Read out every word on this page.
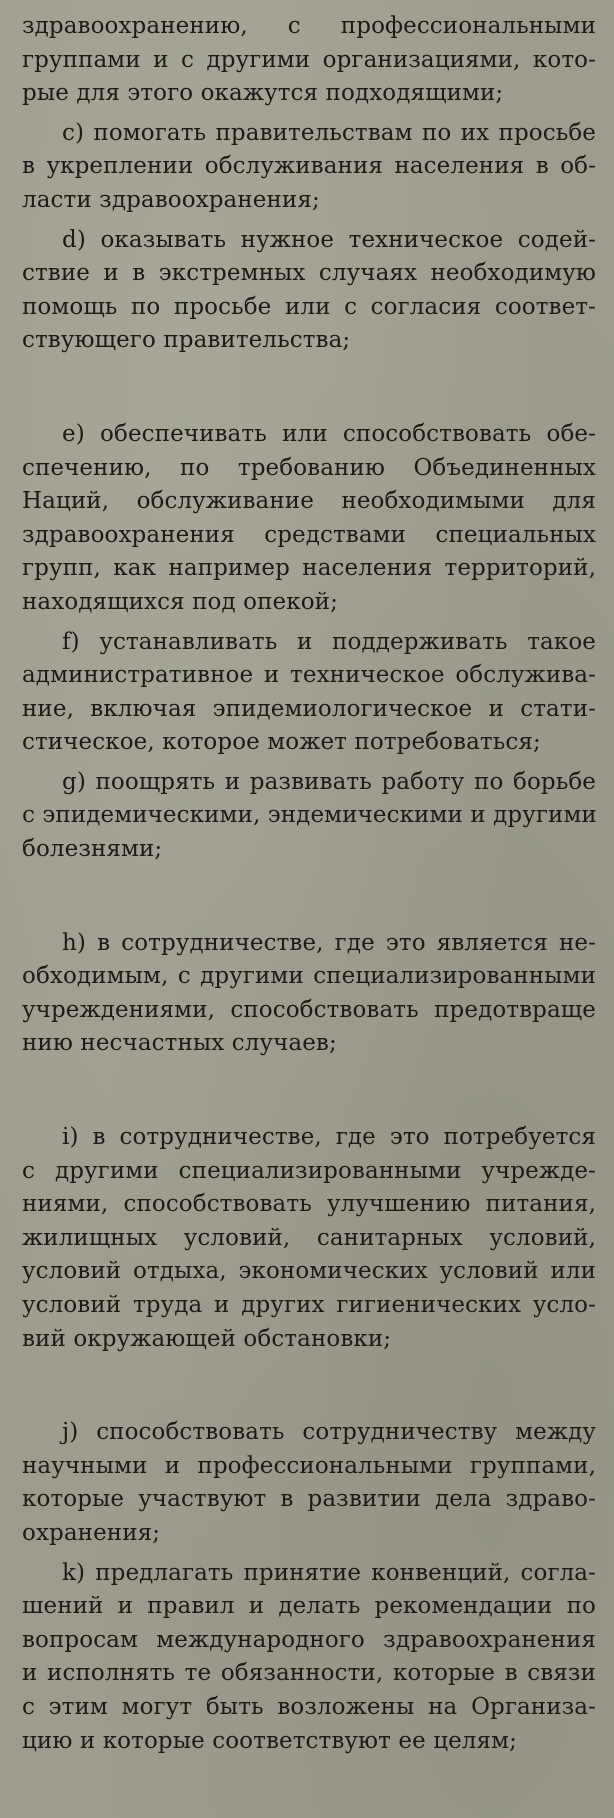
здравоохранению, с профессиональными
группами и с другими организациями, кото-
рые для этого окажутся подходящими;

c) помогать правительствам по их просьбе
в укреплении обслуживания населения в об-
ласти здравоохранения;

d) оказывать нужное техническое содей-
ствие и в экстремных случаях необходимую
помощь по просьбе или с согласия соответ-
ствующего правительства;

e) обеспечивать или способствовать обе-
спечению, по требованию Объединенных
Наций, обслуживание необходимыми для
здравоохранения средствами специальных
групп, как например населения территорий,
находящихся под опекой;

f) устанавливать и поддерживать такое
административное и техническое обслужива-
ние, включая эпидемиологическое и стати-
стическое, которое может потребоваться;

g) поощрять и развивать работу по борьбе
с эпидемическими, эндемическими и другими
болезнями;

h) в сотрудничестве, где это является не-
обходимым, с другими специализированными
учреждениями, способствовать предотвраще
нию несчастных случаев;

i) в сотрудничестве, где это потребуется
с другими специализированными учрежде-
ниями, способствовать улучшению питания,
жилищных условий, санитарных условий,
условий отдыха, экономических условий или
условий труда и других гигиенических усло-
вий окружающей обстановки;

j) способствовать сотрудничеству между
научными и профессиональными группами,
которые участвуют в развитии дела здраво-
охранения;

k) предлагать принятие конвенций, согла-
шений и правил и делать рекомендации по
вопросам международного здравоохранения
и исполнять те обязанности, которые в связи
с этим могут быть возложены на Организа-
цию и которые соответствуют ее целям;
